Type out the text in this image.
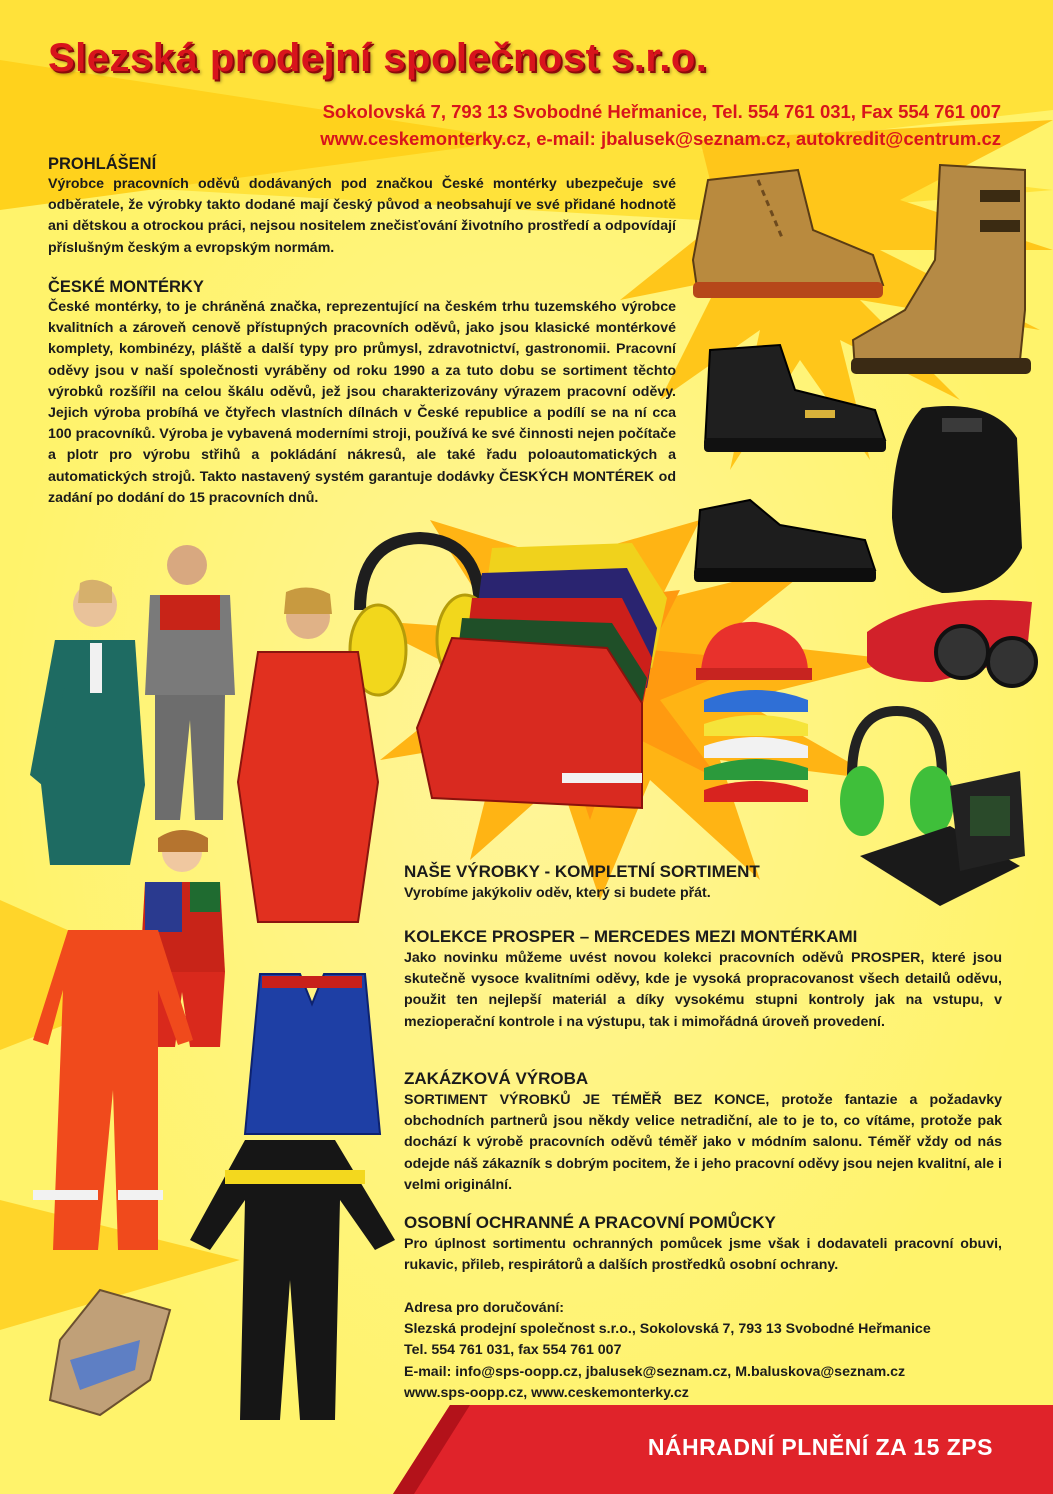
Slezská prodejní společnost s.r.o.
Sokolovská 7, 793 13 Svobodné Heřmanice, Tel. 554 761 031, Fax 554 761 007
www.ceskemonterky.cz, e-mail: jbalusek@seznam.cz, autokredit@centrum.cz
PROHLÁŠENÍ
Výrobce pracovních oděvů dodávaných pod značkou České montérky ubezpečuje své odběratele, že výrobky takto dodané mají český původ a neobsahují ve své přidané hodnotě ani dětskou a otrockou práci, nejsou nositelem znečisťování životního prostředí a odpovídají příslušným českým a evropským normám.
ČESKÉ MONTÉRKY
České montérky, to je chráněná značka, reprezentující na českém trhu tuzemského výrobce kvalitních a zároveň cenově přístupných pracovních oděvů, jako jsou klasické montérkové komplety, kombinézy, pláště a další typy pro průmysl, zdravotnictví, gastronomii. Pracovní oděvy jsou v naší společnosti vyráběny od roku 1990 a za tuto dobu se sortiment těchto výrobků rozšířil na celou škálu oděvů, jež jsou charakterizovány výrazem pracovní oděvy. Jejich výroba probíhá ve čtyřech vlastních dílnách v České republice a podílí se na ní cca 100 pracovníků. Výroba je vybavená moderními stroji, používá ke své činnosti nejen počítače a plotr pro výrobu střihů a pokládání nákresů, ale také řadu poloautomatických a automatických strojů. Takto nastavený systém garantuje dodávky ČESKÝCH MONTÉREK od zadání po dodání do 15 pracovních dnů.
NAŠE VÝROBKY - KOMPLETNÍ SORTIMENT
Vyrobíme jakýkoliv oděv, který si budete přát.
KOLEKCE PROSPER – MERCEDES MEZI MONTÉRKAMI
Jako novinku můžeme uvést novou kolekci pracovních oděvů PROSPER, které jsou skutečně vysoce kvalitními oděvy, kde je vysoká propracovanost všech detailů oděvu, použit ten nejlepší materiál a díky vysokému stupni kontroly jak na vstupu, v mezioperační kontrole i na výstupu, tak i mimořádná úroveň provedení.
ZAKÁZKOVÁ VÝROBA
SORTIMENT VÝROBKŮ JE TÉMĚŘ BEZ KONCE, protože fantazie a požadavky obchodních partnerů jsou někdy velice netradiční, ale to je to, co vítáme, protože pak dochází k výrobě pracovních oděvů téměř jako v módním salonu. Téměř vždy od nás odejde náš zákazník s dobrým pocitem, že i jeho pracovní oděvy jsou nejen kvalitní, ale i velmi originální.
OSOBNÍ OCHRANNÉ A PRACOVNÍ POMŮCKY
Pro úplnost sortimentu ochranných pomůcek jsme však i dodavateli pracovní obuvi, rukavic, přileb, respirátorů a dalších prostředků osobní ochrany.
Adresa pro doručování:
Slezská prodejní společnost s.r.o., Sokolovská 7, 793 13 Svobodné Heřmanice
Tel. 554 761 031, fax 554 761 007
E-mail: info@sps-oopp.cz, jbalusek@seznam.cz, M.baluskova@seznam.cz
www.sps-oopp.cz, www.ceskemonterky.cz
NÁHRADNÍ PLNĚNÍ ZA 15 ZPS
